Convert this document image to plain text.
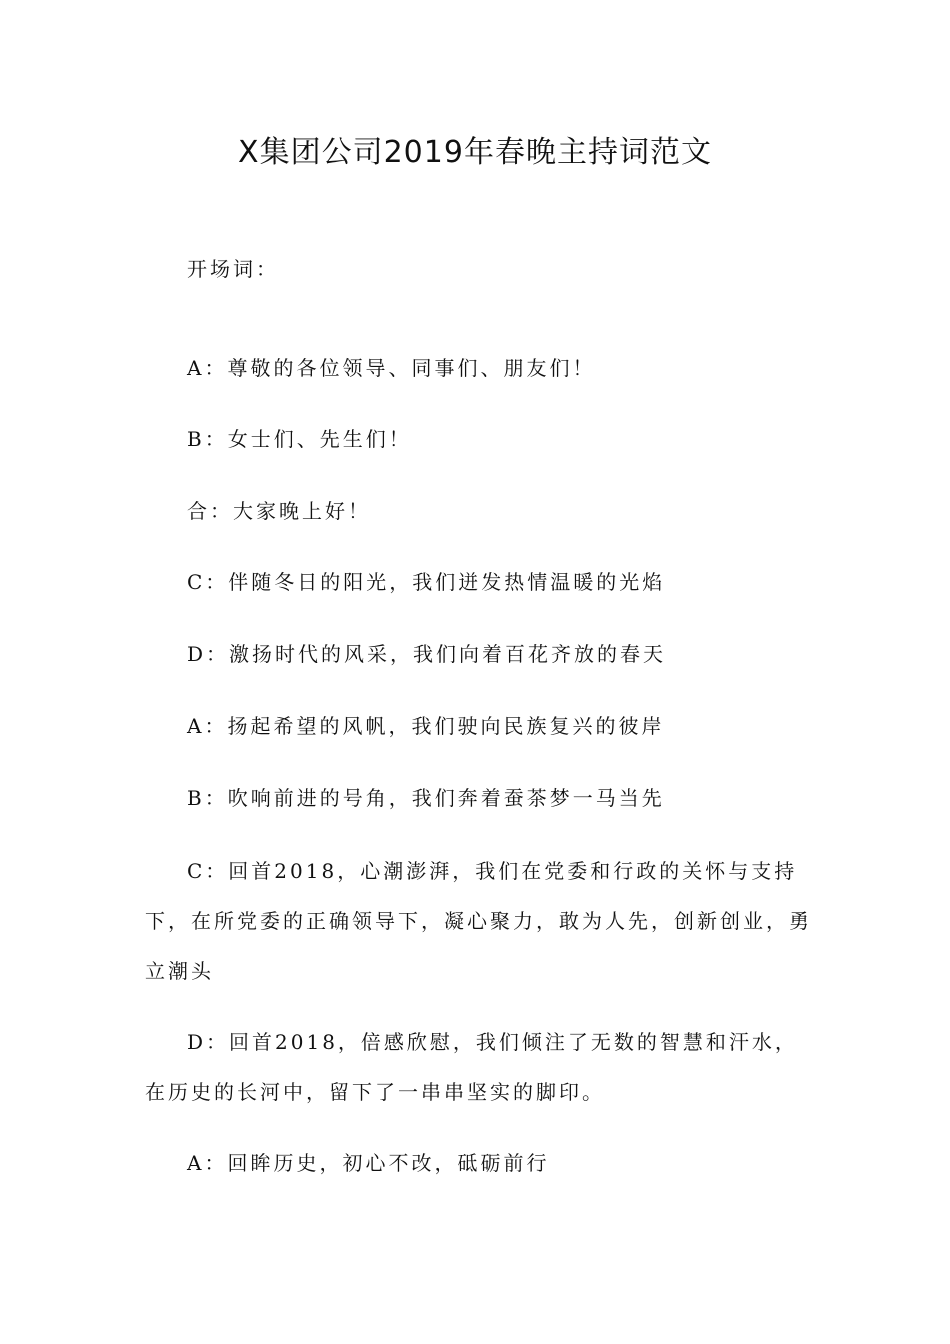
X集团公司2019年春晚主持词范文

开场词：

A：尊敬的各位领导、同事们、朋友们！

B：女士们、先生们！

合：大家晚上好！

C：伴随冬日的阳光，我们迸发热情温暖的光焰

D：激扬时代的风采，我们向着百花齐放的春天

A：扬起希望的风帆，我们驶向民族复兴的彼岸

B：吹响前进的号角，我们奔着蚕茶梦一马当先

C：回首2018，心潮澎湃，我们在党委和行政的关怀与支持下，在所党委的正确领导下，凝心聚力，敢为人先，创新创业，勇立潮头

D：回首2018，倍感欣慰，我们倾注了无数的智慧和汗水，在历史的长河中，留下了一串串坚实的脚印。

A：回眸历史，初心不改，砥砺前行
